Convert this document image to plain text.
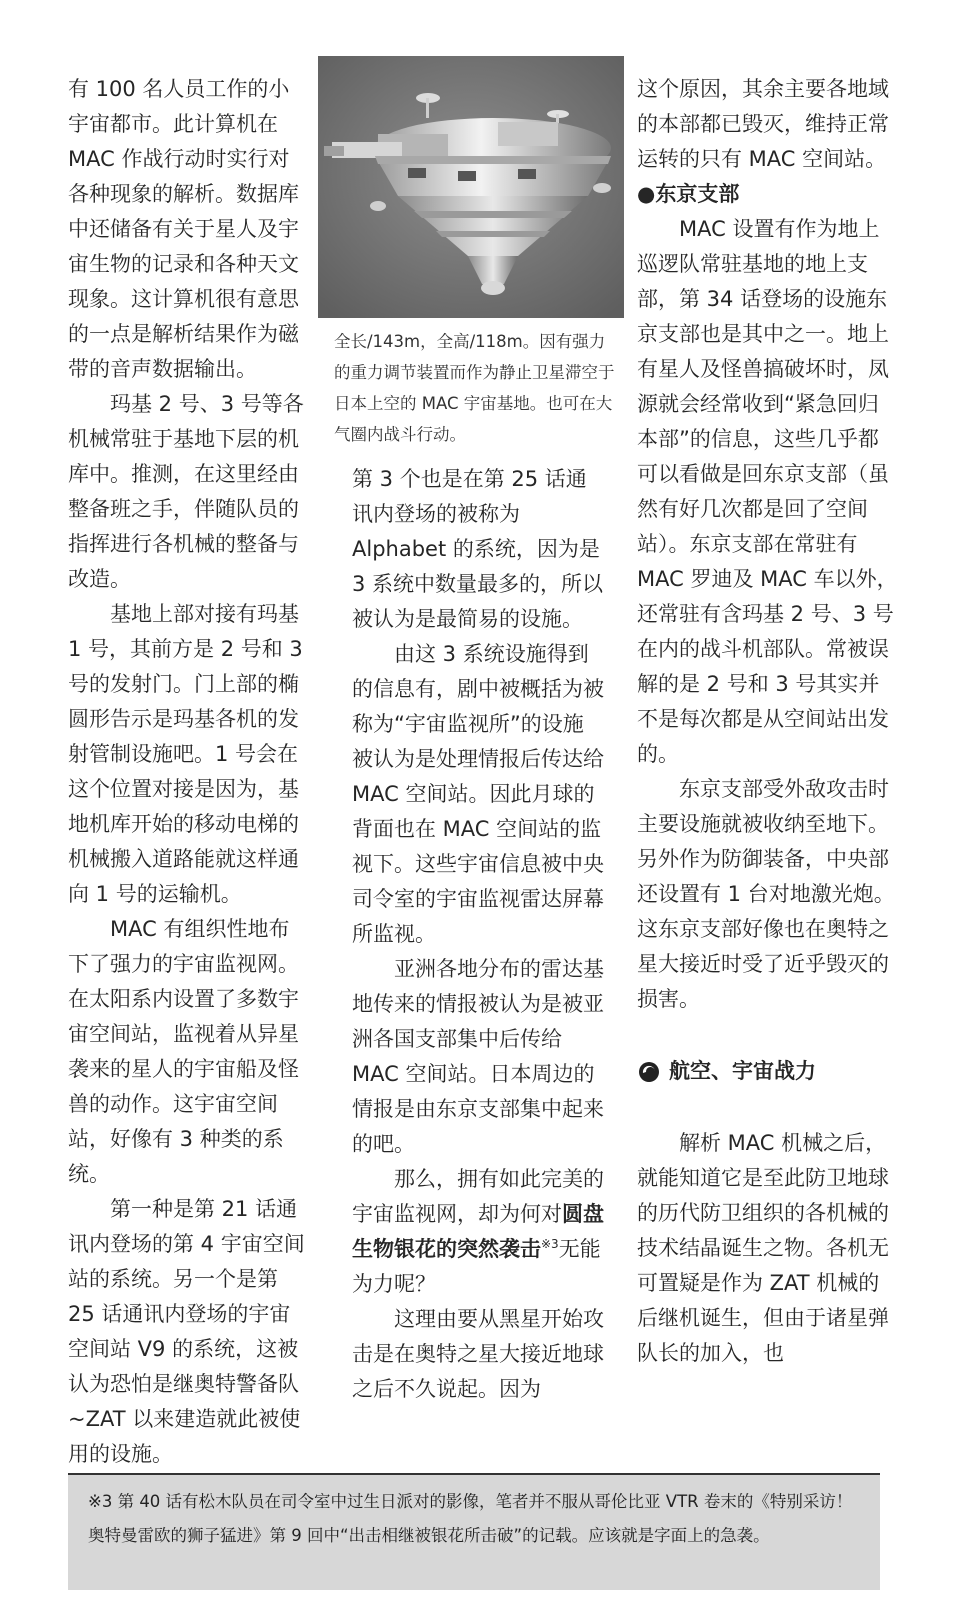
有 100 名人员工作的小宇宙都市。此计算机在 MAC 作战行动时实行对各种现象的解析。数据库中还储备有关于星人及宇宙生物的记录和各种天文现象。这计算机很有意思的一点是解析结果作为磁带的音声数据输出。

玛基 2 号、3 号等各机械常驻于基地下层的机库中。推测，在这里经由整备班之手，伴随队员的指挥进行各机械的整备与改造。

基地上部对接有玛基 1 号，其前方是 2 号和 3 号的发射门。门上部的椭圆形告示是玛基各机的发射管制设施吧。1 号会在这个位置对接是因为，基地机库开始的移动电梯的机械搬入道路能就这样通向 1 号的运输机。

MAC 有组织性地布下了强力的宇宙监视网。在太阳系内设置了多数宇宙空间站，监视着从异星袭来的星人的宇宙船及怪兽的动作。这宇宙空间站，好像有 3 种类的系统。

第一种是第 21 话通讯内登场的第 4 宇宙空间站的系统。另一个是第 25 话通讯内登场的宇宙空间站 V9 的系统，这被认为恐怕是继奥特警备队~ZAT 以来建造就此被使用的设施。

全长/143m，全高/118m。因有强力的重力调节装置而作为静止卫星滞空于日本上空的 MAC 宇宙基地。也可在大气圈内战斗行动。

第 3 个也是在第 25 话通讯内登场的被称为 Alphabet 的系统，因为是 3 系统中数量最多的，所以被认为是最简易的设施。

由这 3 系统设施得到的信息有，剧中被概括为被称为“宇宙监视所”的设施被认为是处理情报后传达给 MAC 空间站。因此月球的背面也在 MAC 空间站的监视下。这些宇宙信息被中央司令室的宇宙监视雷达屏幕所监视。

亚洲各地分布的雷达基地传来的情报被认为是被亚洲各国支部集中后传给 MAC 空间站。日本周边的情报是由东京支部集中起来的吧。

那么，拥有如此完美的宇宙监视网，却为何对圆盘生物银花的突然袭击$^{※3}$无能为力呢？

这理由要从黑星开始攻击是在奥特之星大接近地球之后不久说起。因为

这个原因，其余主要各地域的本部都已毁灭，维持正常运转的只有 MAC 空间站。

●东京支部

MAC 设置有作为地上巡逻队常驻基地的地上支部，第 34 话登场的设施东京支部也是其中之一。地上有星人及怪兽搞破坏时，凤源就会经常收到“紧急回归本部”的信息，这些几乎都可以看做是回东京支部（虽然有好几次都是回了空间站）。东京支部在常驻有 MAC 罗迪及 MAC 车以外，还常驻有含玛基 2 号、3 号在内的战斗机部队。常被误解的是 2 号和 3 号其实并不是每次都是从空间站出发的。

东京支部受外敌攻击时主要设施就被收纳至地下。另外作为防御装备，中央部还设置有 1 台对地激光炮。这东京支部好像也在奥特之星大接近时受了近乎毁灭的损害。

航空、宇宙战力

解析 MAC 机械之后，就能知道它是至此防卫地球的历代防卫组织的各机械的技术结晶诞生之物。各机无可置疑是作为 ZAT 机械的后继机诞生，但由于诸星弹队长的加入，也

※3 第 40 话有松木队员在司令室中过生日派对的影像，笔者并不服从哥伦比亚 VTR 卷末的《特别采访！奥特曼雷欧的狮子猛进》第 9 回中“出击相继被银花所击破”的记载。应该就是字面上的急袭。
